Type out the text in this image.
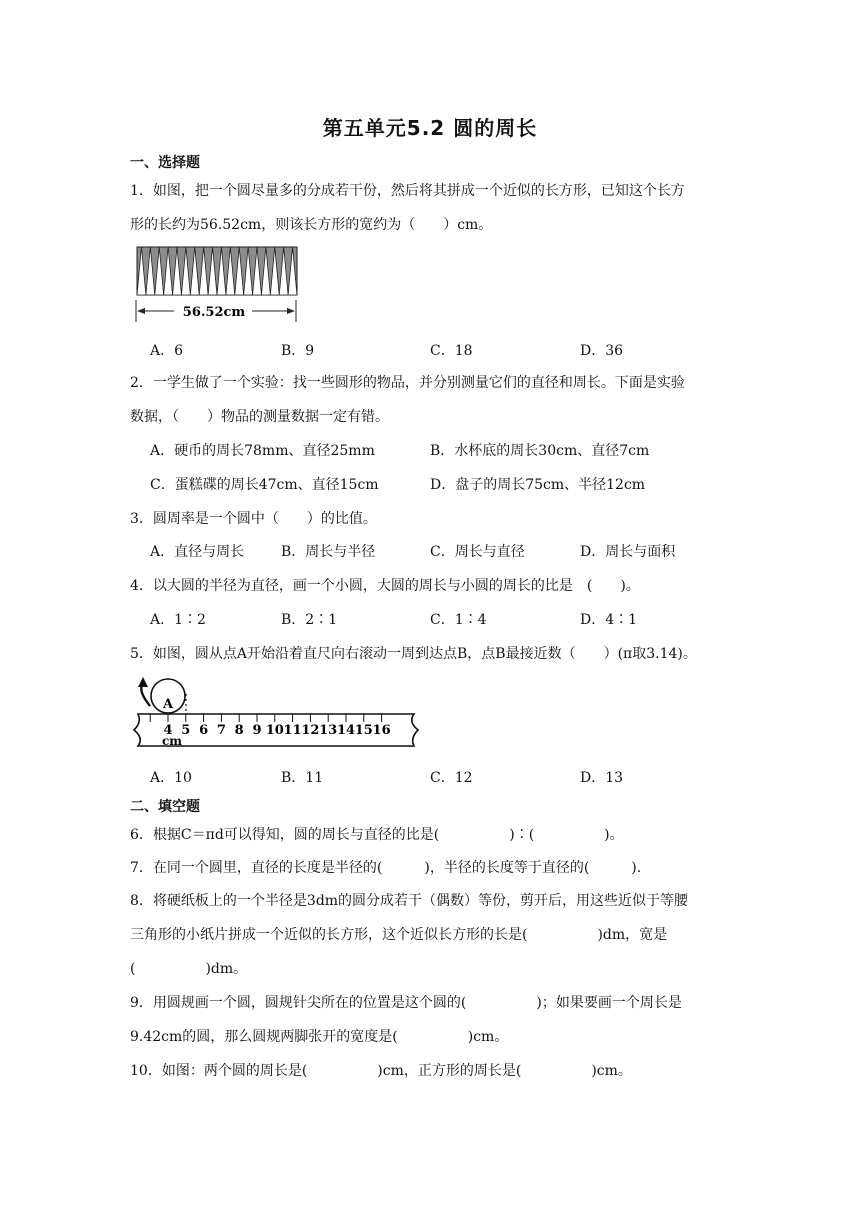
第五单元5.2 圆的周长
一、选择题
1．如图，把一个圆尽量多的分成若干份，然后将其拼成一个近似的长方形，已知这个长方
形的长约为56.52cm，则该长方形的宽约为（　　）cm。
56.52cm
A．6	B．9	C．18	D．36
2．一学生做了一个实验：找一些圆形的物品，并分别测量它们的直径和周长。下面是实验
数据，（　　）物品的测量数据一定有错。
A．硬币的周长78mm、直径25mm	B．水杯底的周长30cm、直径7cm
C．蛋糕碟的周长47cm、直径15cm	D．盘子的周长75cm、半径12cm
3．圆周率是一个圆中（　　）的比值。
A．直径与周长	B．周长与半径	C．周长与直径	D．周长与面积
4．以大圆的半径为直径，画一个小圆，大圆的周长与小圆的周长的比是　(　　)。
A．1∶2	B．2∶1	C．1∶4	D．4∶1
5．如图，圆从点A开始沿着直尺向右滚动一周到达点B，点B最接近数（　　）(π取3.14)。
A
4 5 6 7 8 9 10 11 12 13 14 15 16
cm
A．10	B．11	C．12	D．13
二、填空题
6．根据C＝πd可以得知，圆的周长与直径的比是(　　　　　)∶(　　　　　)。
7．在同一个圆里，直径的长度是半径的(　　　)，半径的长度等于直径的(　　　).
8．将硬纸板上的一个半径是3dm的圆分成若干（偶数）等份，剪开后，用这些近似于等腰
三角形的小纸片拼成一个近似的长方形，这个近似长方形的长是(　　　　　)dm，宽是
(　　　　　)dm。
9．用圆规画一个圆，圆规针尖所在的位置是这个圆的(　　　　　)；如果要画一个周长是
9.42cm的圆，那么圆规两脚张开的宽度是(　　　　　)cm。
10．如图：两个圆的周长是(　　　　　)cm，正方形的周长是(　　　　　)cm。
